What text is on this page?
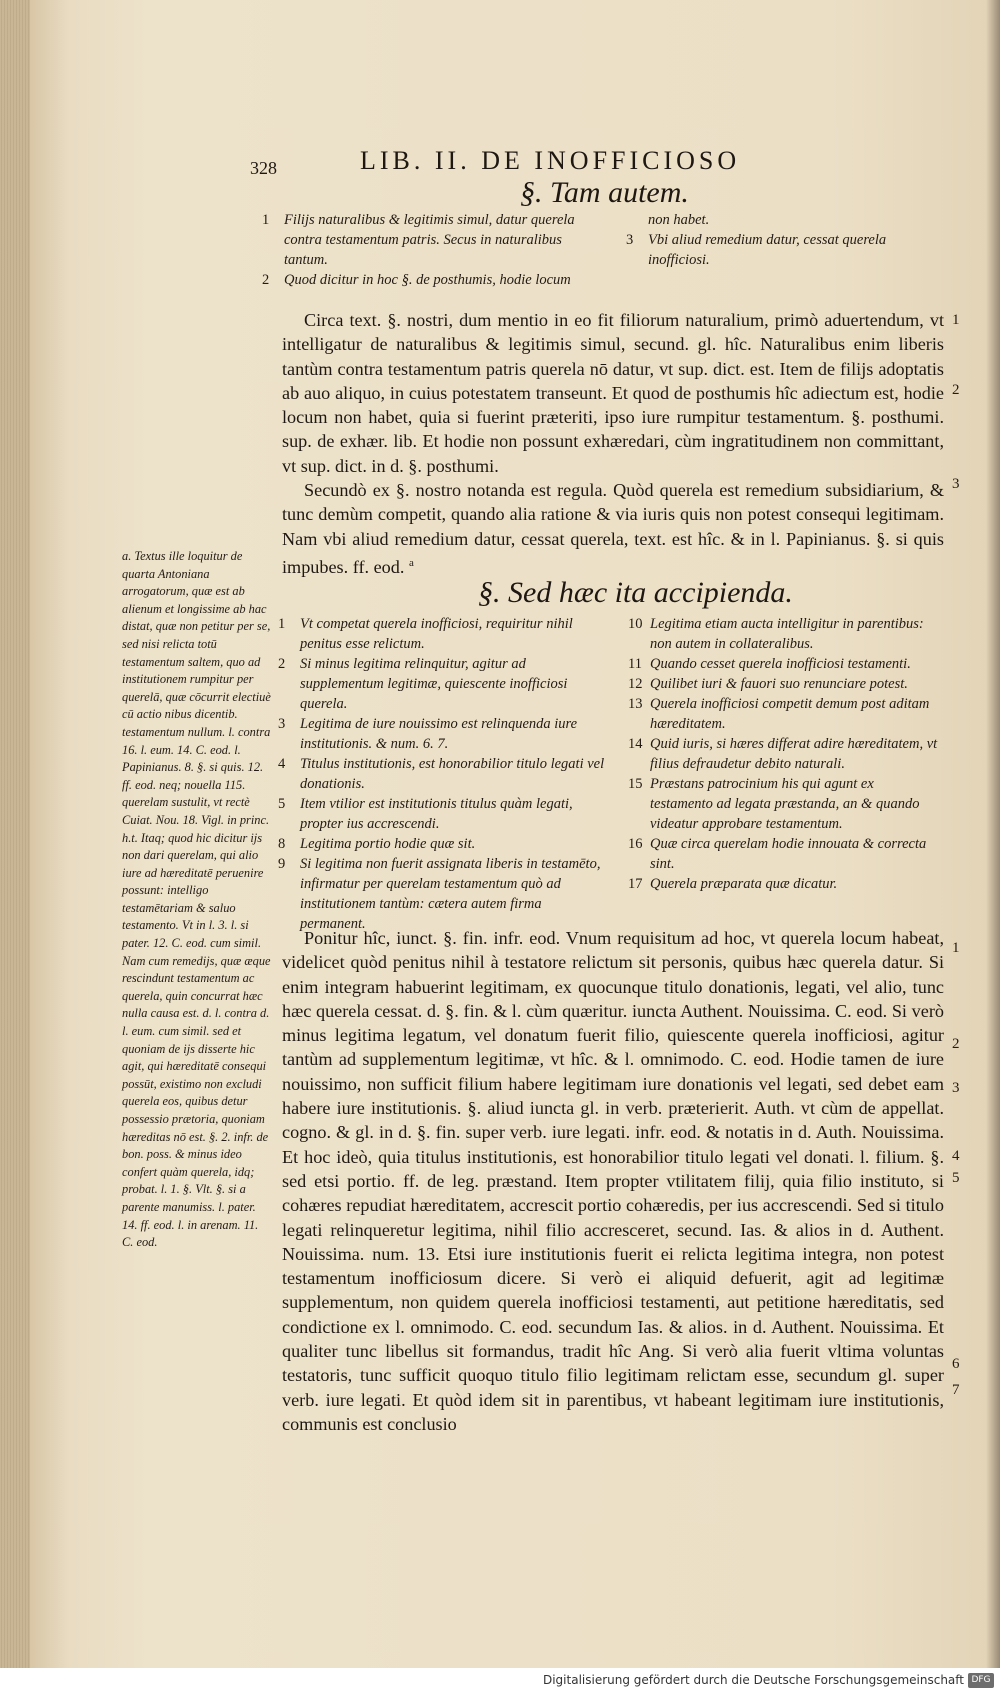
328	LIB. II. DE INOFFICIOSO
§. Tam autem.
1	Filijs naturalibus & legitimis simul, datur querela contra testamentum patris. Secus in naturalibus tantum.
2	Quod dicitur in hoc §. de posthumis, hodie locum
non habet.
3	Vbi aliud remedium datur, cessat querela inofficiosi.

Circa text. §. nostri, dum mentio in eo fit filiorum naturalium, primò aduertendum, vt intelligatur de naturalibus & legitimis simul, secund. gl. hîc. Naturalibus enim liberis tantùm contra testamentum patris querela nō datur, vt sup. dict. est. Item de filijs adoptatis ab auo aliquo, in cuius potestatem transeunt. Et quod de posthumis hîc adiectum est, hodie locum non habet, quia si fuerint præteriti, ipso iure rumpitur testamentum. §. posthumi. sup. de exhær. lib. Et hodie non possunt exhæredari, cùm ingratitudinem non committant, vt sup. dict. in d. §. posthumi.

Secundò ex §. nostro notanda est regula. Quòd querela est remedium subsidiarium, & tunc demùm competit, quando alia ratione & via iuris quis non potest consequi legitimam. Nam vbi aliud remedium datur, cessat querela, text. est hîc. & in l. Papinianus. §. si quis impubes. ff. eod. $^a$

1
2
3
a. Textus ille loquitur de quarta Antoniana arrogatorum, quæ est ab alienum et longissime ab hac distat, quæ non petitur per se, sed nisi relicta totū testamentum saltem, quo ad institutionem rumpitur per querelā, quæ cōcurrit electiuè cū actio nibus dicentib. testamentum nullum. l. contra 16. l. eum. 14. C. eod. l. Papinianus. 8. §. si quis. 12. ff. eod. neq; nouella 115. querelam sustulit, vt rectè Cuiat. Nou. 18. Vigl. in princ. h.t. Itaq; quod hic dicitur ijs non dari querelam, qui alio iure ad hæreditatē peruenire possunt: intelligo testamētariam & saluo testamento. Vt in l. 3. l. si pater. 12. C. eod. cum simil. Nam cum remedijs, quæ æque rescindunt testamentum ac querela, quin concurrat hæc nulla causa est. d. l. contra d. l. eum. cum simil. sed et quoniam de ijs disserte hic agit, qui hæreditatē consequi possūt, existimo non excludi querela eos, quibus detur possessio prætoria, quoniam hæreditas nō est. §. 2. infr. de bon. poss. & minus ideo confert quàm querela, idq; probat. l. 1. §. Vlt. §. si a parente manumiss. l. pater. 14. ff. eod. l. in arenam. 11. C. eod.
§. Sed hæc ita accipienda.
1	Vt competat querela inofficiosi, requiritur nihil penitus esse relictum.
2	Si minus legitima relinquitur, agitur ad supplementum legitimæ, quiescente inofficiosi querela.
3	Legitima de iure nouissimo est relinquenda iure institutionis. & num. 6. 7.
4	Titulus institutionis, est honorabilior titulo legati vel donationis.
5	Item vtilior est institutionis titulus quàm legati, propter ius accrescendi.
8	Legitima portio hodie quæ sit.
9	Si legitima non fuerit assignata liberis in testamēto, infirmatur per querelam testamentum quò ad institutionem tantùm: cætera autem firma permanent.
10 Legitima etiam aucta intelligitur in parentibus: non autem in collateralibus.
11 Quando cesset querela inofficiosi testamenti.
12 Quilibet iuri & fauori suo renunciare potest.
13 Querela inofficiosi competit demum post aditam hæreditatem.
14 Quid iuris, si hæres differat adire hæreditatem, vt filius defraudetur debito naturali.
15 Præstans patrocinium his qui agunt ex testamento ad legata præstanda, an & quando videatur approbare testamentum.
16 Quæ circa querelam hodie innouata & correcta sint.
17 Querela præparata quæ dicatur.

Ponitur hîc, iunct. §. fin. infr. eod. Vnum requisitum ad hoc, vt querela locum habeat, videlicet quòd penitus nihil à testatore relictum sit personis, quibus hæc querela datur. Si enim integram habuerint legitimam, ex quocunque titulo donationis, legati, vel alio, tunc hæc querela cessat. d. §. fin. & l. cùm quæritur. iuncta Authent. Nouissima. C. eod. Si verò minus legitima legatum, vel donatum fuerit filio, quiescente querela inofficiosi, agitur tantùm ad supplementum legitimæ, vt hîc. & l. omnimodo. C. eod. Hodie tamen de iure nouissimo, non sufficit filium habere legitimam iure donationis vel legati, sed debet eam habere iure institutionis. §. aliud iuncta gl. in verb. præterierit. Auth. vt cùm de appellat. cogno. & gl. in d. §. fin. super verb. iure legati. infr. eod. & notatis in d. Auth. Nouissima. Et hoc ideò, quia titulus institutionis, est honorabilior titulo legati vel donati. l. filium. §. sed etsi portio. ff. de leg. præstand. Item propter vtilitatem filij, quia filio instituto, si cohæres repudiat hæreditatem, accrescit portio cohæredis, per ius accrescendi. Sed si titulo legati relinqueretur legitima, nihil filio accresceret, secund. Ias. & alios in d. Authent. Nouissima. num. 13. Etsi iure institutionis fuerit ei relicta legitima integra, non potest testamentum inofficiosum dicere. Si verò ei aliquid defuerit, agit ad legitimæ supplementum, non quidem querela inofficiosi testamenti, aut petitione hæreditatis, sed condictione ex l. omnimodo. C. eod. secundum Ias. & alios. in d. Authent. Nouissima. Et qualiter tunc libellus sit formandus, tradit hîc Ang. Si verò alia fuerit vltima voluntas testatoris, tunc sufficit quoquo titulo filio legitimam relictam esse, secundum gl. super verb. iure legati. Et quòd idem sit in parentibus, vt habeant legitimam iure institutionis, communis est conclusio

1
2
3
4
5
6
7
Digitalisierung gefördert durch die Deutsche Forschungsgemeinschaft DFG
